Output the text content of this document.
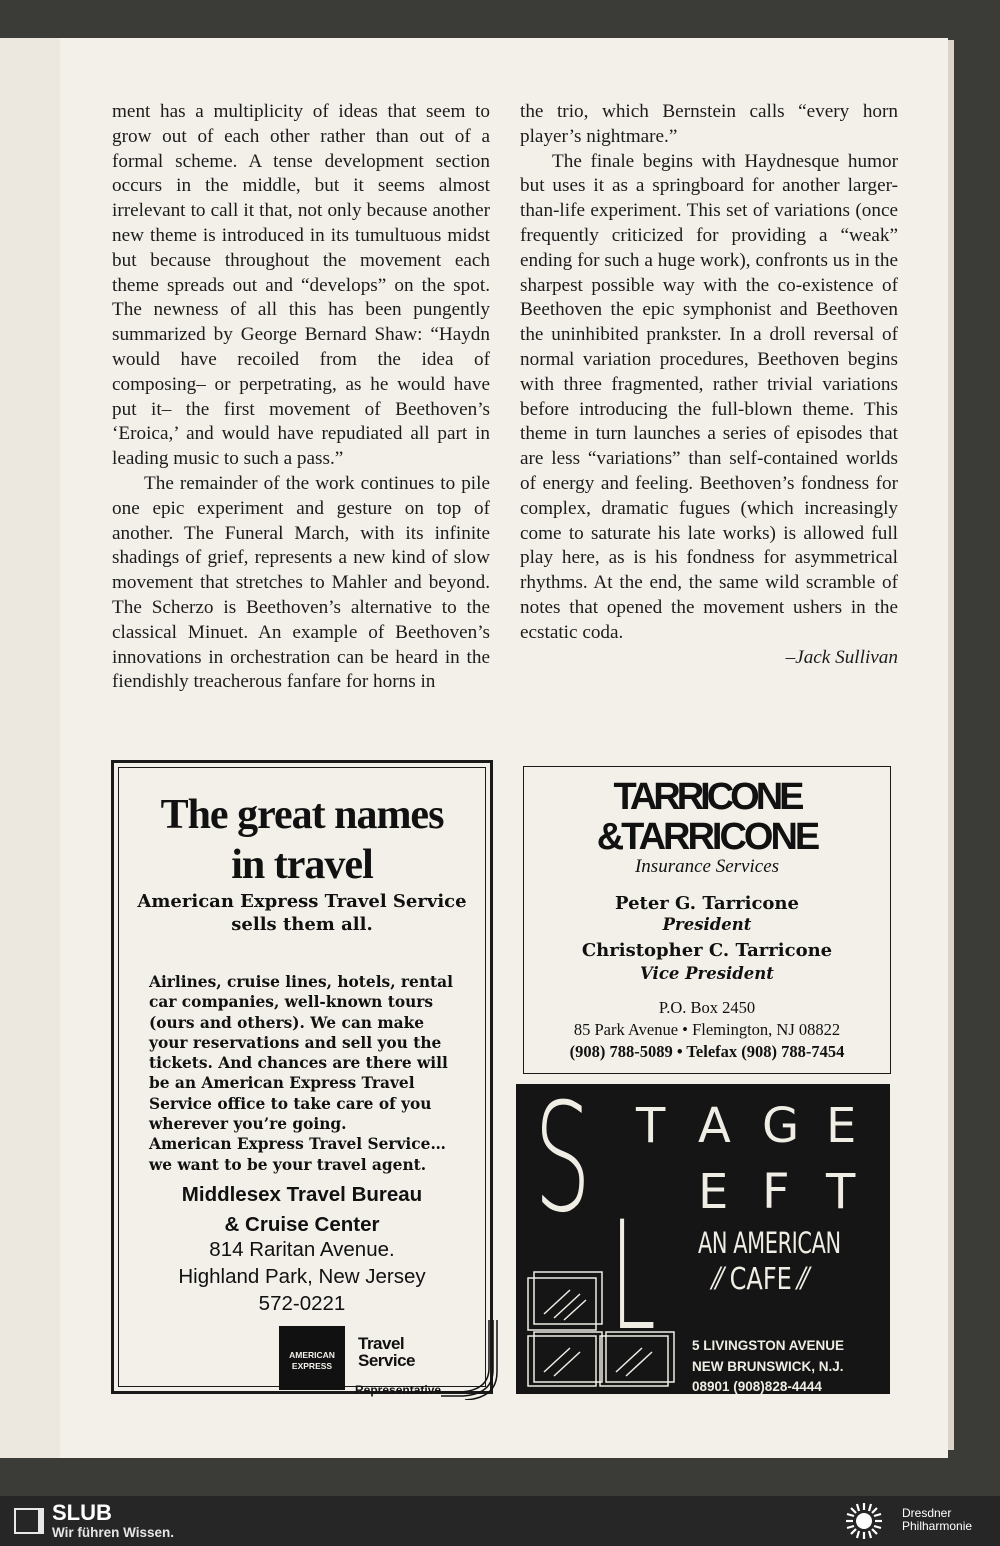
ment has a multiplicity of ideas that seem to grow out of each other rather than out of a formal scheme. A tense development section occurs in the middle, but it seems almost irrelevant to call it that, not only because another new theme is introduced in its tumultuous midst but because throughout the movement each theme spreads out and “develops” on the spot. The newness of all this has been pungently summarized by George Bernard Shaw: “Haydn would have recoiled from the idea of composing– or perpetrating, as he would have put it– the first movement of Beethoven’s ‘Eroica,’ and would have repudiated all part in leading music to such a pass.”

The remainder of the work continues to pile one epic experiment and gesture on top of another. The Funeral March, with its infinite shadings of grief, represents a new kind of slow movement that stretches to Mahler and beyond. The Scherzo is Beethoven’s alternative to the classical Minuet. An example of Beethoven’s innovations in orchestration can be heard in the fiendishly treacherous fanfare for horns in

the trio, which Bernstein calls “every horn player’s nightmare.”

The finale begins with Haydnesque humor but uses it as a springboard for another larger-than-life experiment. This set of variations (once frequently criticized for providing a “weak” ending for such a huge work), confronts us in the sharpest possible way with the co-existence of Beethoven the epic symphonist and Beethoven the uninhibited prankster. In a droll reversal of normal variation procedures, Beethoven begins with three fragmented, rather trivial variations before introducing the full-blown theme. This theme in turn launches a series of episodes that are less “variations” than self-contained worlds of energy and feeling. Beethoven’s fondness for complex, dramatic fugues (which increasingly come to saturate his late works) is allowed full play here, as is his fondness for asymmetrical rhythms. At the end, the same wild scramble of notes that opened the movement ushers in the ecstatic coda.

–Jack Sullivan

The great names
in travel
American Express Travel Service
sells them all.
Airlines, cruise lines, hotels, rental
car companies, well-known tours
(ours and others). We can make
your reservations and sell you the
tickets. And chances are there will
be an American Express Travel
Service office to take care of you
wherever you’re going.
American Express Travel Service…
we want to be your travel agent.
Middlesex Travel Bureau
& Cruise Center
814 Raritan Avenue.
Highland Park, New Jersey
572-0221
AMERICAN
EXPRESS
Travel
Service
Representative
TARRICONE
&TARRICONE
Insurance Services
Peter G. Tarricone
President
Christopher C. Tarricone
Vice President
P.O. Box 2450
85 Park Avenue • Flemington, NJ 08822
(908) 788-5089 • Telefax (908) 788-7454
S T A G E
L E F T
AN AMERICAN
⁄⁄ CAFE ⁄⁄
5 LIVINGSTON AVENUE
NEW BRUNSWICK, N.J.
08901 (908)828-4444
SLUB
Wir führen Wissen.
Dresdner
Philharmonie
